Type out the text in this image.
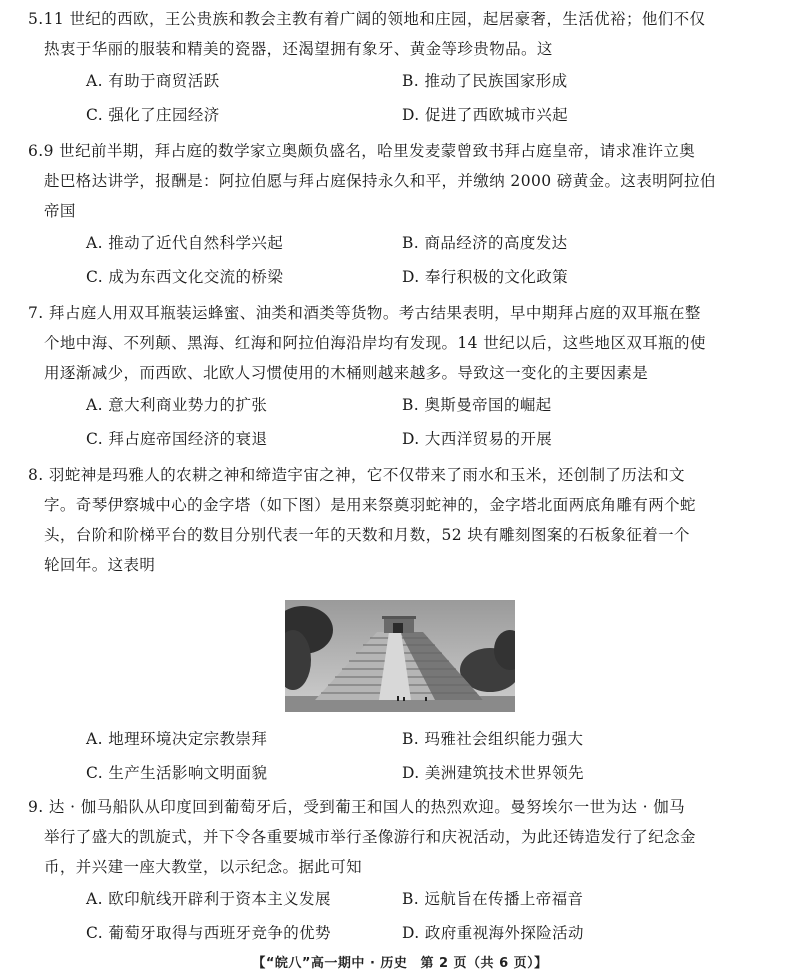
5.11 世纪的西欧，王公贵族和教会主教有着广阔的领地和庄园，起居豪奢，生活优裕；他们不仅
热衷于华丽的服装和精美的瓷器，还渴望拥有象牙、黄金等珍贵物品。这
A. 有助于商贸活跃	B. 推动了民族国家形成
C. 强化了庄园经济	D. 促进了西欧城市兴起
6.9 世纪前半期，拜占庭的数学家立奥颇负盛名，哈里发麦蒙曾致书拜占庭皇帝，请求准许立奥
赴巴格达讲学，报酬是：阿拉伯愿与拜占庭保持永久和平，并缴纳 2000 磅黄金。这表明阿拉伯
帝国
A. 推动了近代自然科学兴起	B. 商品经济的高度发达
C. 成为东西文化交流的桥梁	D. 奉行积极的文化政策
7. 拜占庭人用双耳瓶装运蜂蜜、油类和酒类等货物。考古结果表明，早中期拜占庭的双耳瓶在整
个地中海、不列颠、黑海、红海和阿拉伯海沿岸均有发现。14 世纪以后，这些地区双耳瓶的使
用逐渐减少，而西欧、北欧人习惯使用的木桶则越来越多。导致这一变化的主要因素是
A. 意大利商业势力的扩张	B. 奥斯曼帝国的崛起
C. 拜占庭帝国经济的衰退	D. 大西洋贸易的开展
8. 羽蛇神是玛雅人的农耕之神和缔造宇宙之神，它不仅带来了雨水和玉米，还创制了历法和文
字。奇琴伊察城中心的金字塔（如下图）是用来祭奠羽蛇神的，金字塔北面两底角雕有两个蛇
头，台阶和阶梯平台的数目分别代表一年的天数和月数，52 块有雕刻图案的石板象征着一个
轮回年。这表明
A. 地理环境决定宗教崇拜	B. 玛雅社会组织能力强大
C. 生产生活影响文明面貌	D. 美洲建筑技术世界领先
9. 达 · 伽马船队从印度回到葡萄牙后，受到葡王和国人的热烈欢迎。曼努埃尔一世为达 · 伽马
举行了盛大的凯旋式，并下令各重要城市举行圣像游行和庆祝活动，为此还铸造发行了纪念金
币，并兴建一座大教堂，以示纪念。据此可知
A. 欧印航线开辟利于资本主义发展	B. 远航旨在传播上帝福音
C. 葡萄牙取得与西班牙竞争的优势	D. 政府重视海外探险活动
【“皖八”高一期中 · 历史 第 2 页（共 6 页）】
